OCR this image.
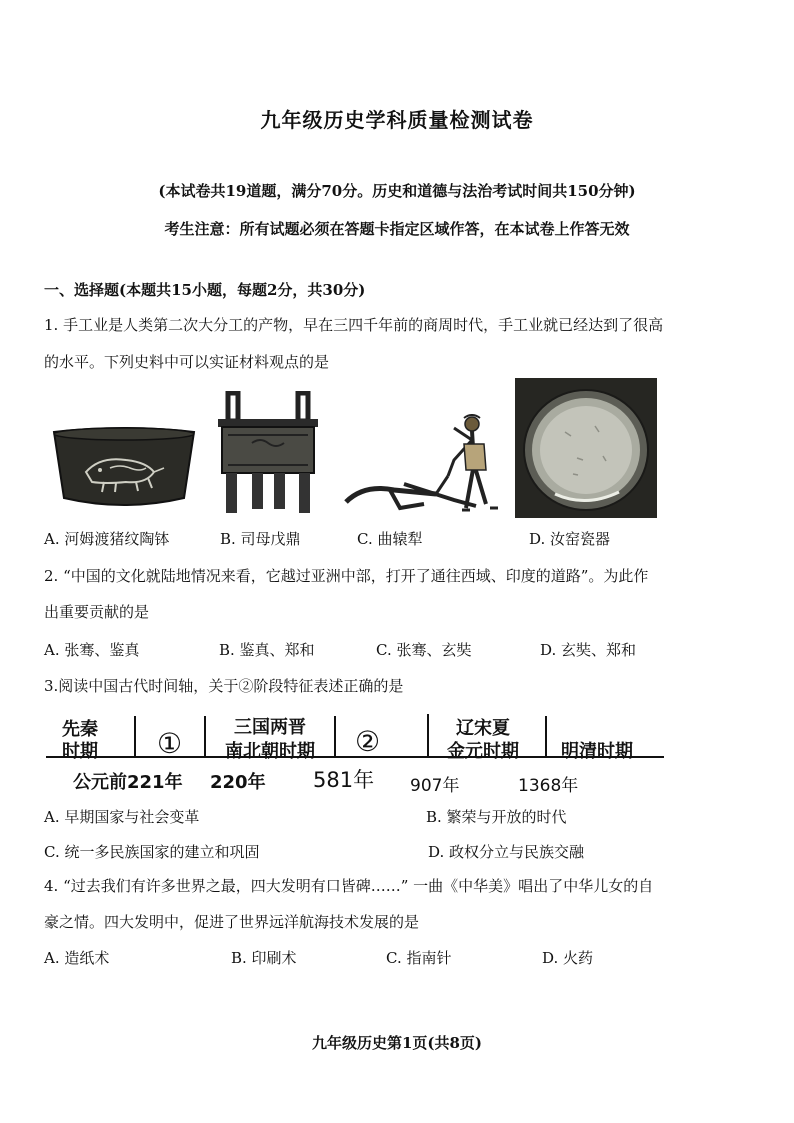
九年级历史学科质量检测试卷
(本试卷共19道题，满分70分。历史和道德与法治考试时间共150分钟)
考生注意：所有试题必须在答题卡指定区域作答，在本试卷上作答无效
一、选择题(本题共15小题，每题2分，共30分)
1. 手工业是人类第二次大分工的产物，早在三四千年前的商周时代，手工业就已经达到了很高
的水平。下列史料中可以实证材料观点的是
A. 河姆渡猪纹陶钵	B. 司母戊鼎	C. 曲辕犁	D. 汝窑瓷器
2. “中国的文化就陆地情况来看，它越过亚洲中部，打开了通往西域、印度的道路”。为此作
出重要贡献的是
A. 张骞、鉴真	B. 鉴真、郑和	C. 张骞、玄奘	D. 玄奘、郑和
3.阅读中国古代时间轴，关于②阶段特征表述正确的是
先秦
时期 ①	三国两晋
南北朝时期 ②	辽宋夏
金元时期 明清时期
公元前221年 220年 581年 907年	1368年
A. 早期国家与社会变革	B. 繁荣与开放的时代
C. 统一多民族国家的建立和巩固	D. 政权分立与民族交融
4. “过去我们有许多世界之最，四大发明有口皆碑……” 一曲《中华美》唱出了中华儿女的自
豪之情。四大发明中，促进了世界远洋航海技术发展的是
A. 造纸术	B. 印刷术	C. 指南针	D. 火药
九年级历史第1页(共8页)
